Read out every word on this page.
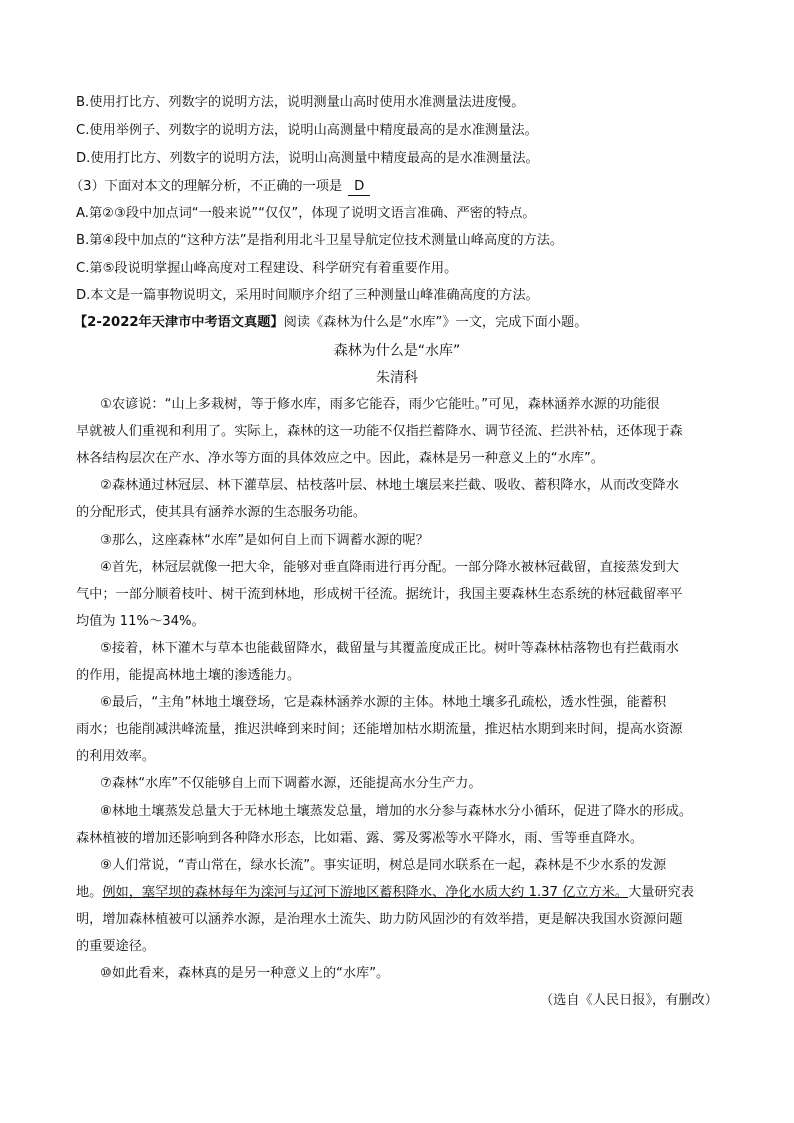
B.使用打比方、列数字的说明方法，说明测量山高时使用水准测量法进度慢。
C.使用举例子、列数字的说明方法，说明山高测量中精度最高的是水准测量法。
D.使用打比方、列数字的说明方法，说明山高测量中精度最高的是水准测量法。
（3）下面对本文的理解分析，不正确的一项是 D
A.第②③段中加点词“一般来说”“仅仅”，体现了说明文语言准确、严密的特点。
B.第④段中加点的“这种方法”是指利用北斗卫星导航定位技术测量山峰高度的方法。
C.第⑤段说明掌握山峰高度对工程建设、科学研究有着重要作用。
D.本文是一篇事物说明文，采用时间顺序介绍了三种测量山峰准确高度的方法。
【2-2022年天津市中考语文真题】阅读《森林为什么是“水库”》一文，完成下面小题。
森林为什么是“水库”
朱清科
①农谚说：“山上多栽树，等于修水库，雨多它能吞，雨少它能吐。”可见，森林涵养水源的功能很
早就被人们重视和利用了。实际上，森林的这一功能不仅指拦蓄降水、调节径流、拦洪补枯，还体现于森
林各结构层次在产水、净水等方面的具体效应之中。因此，森林是另一种意义上的“水库”。
②森林通过林冠层、林下灌草层、枯枝落叶层、林地土壤层来拦截、吸收、蓄积降水，从而改变降水
的分配形式，使其具有涵养水源的生态服务功能。
③那么，这座森林“水库”是如何自上而下调蓄水源的呢？
④首先，林冠层就像一把大伞，能够对垂直降雨进行再分配。一部分降水被林冠截留，直接蒸发到大
气中；一部分顺着枝叶、树干流到林地，形成树干径流。据统计，我国主要森林生态系统的林冠截留率平
均值为 11%～34%。
⑤接着，林下灌木与草本也能截留降水，截留量与其覆盖度成正比。树叶等森林枯落物也有拦截雨水
的作用，能提高林地土壤的渗透能力。
⑥最后，“主角”林地土壤登场，它是森林涵养水源的主体。林地土壤多孔疏松，透水性强，能蓄积
雨水；也能削减洪峰流量，推迟洪峰到来时间；还能增加枯水期流量，推迟枯水期到来时间，提高水资源
的利用效率。
⑦森林“水库”不仅能够自上而下调蓄水源，还能提高水分生产力。
⑧林地土壤蒸发总量大于无林地土壤蒸发总量，增加的水分参与森林水分小循环，促进了降水的形成。
森林植被的增加还影响到各种降水形态，比如霜、露、雾及雾凇等水平降水，雨、雪等垂直降水。
⑨人们常说，“青山常在，绿水长流”。事实证明，树总是同水联系在一起，森林是不少水系的发源
地。例如，塞罕坝的森林每年为滦河与辽河下游地区蓄积降水、净化水质大约 1.37 亿立方米。大量研究表
明，增加森林植被可以涵养水源，是治理水土流失、助力防风固沙的有效举措，更是解决我国水资源问题
的重要途径。
⑩如此看来，森林真的是另一种意义上的“水库”。
（选自《人民日报》，有删改）
